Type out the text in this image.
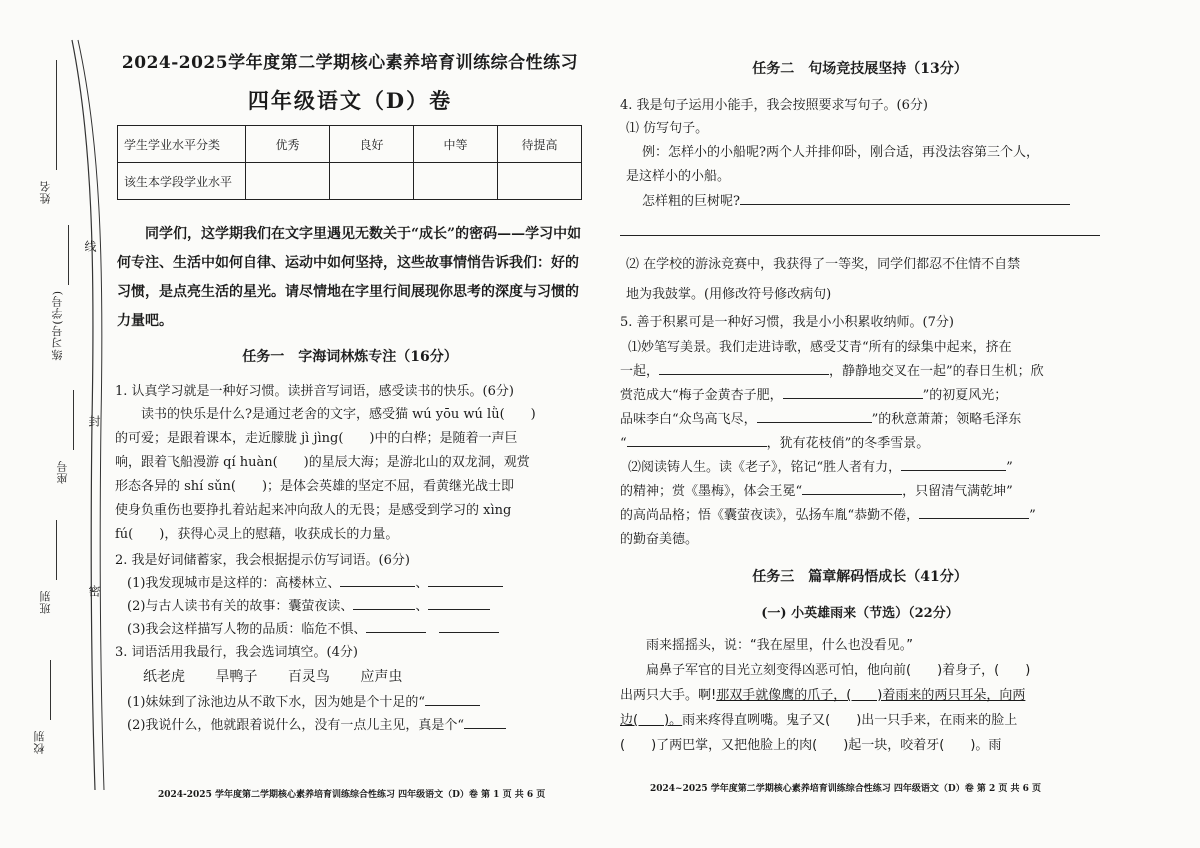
姓名
练习号(学号)
座号
班别
校别
线
封
密
2024-2025学年度第二学期核心素养培育训练综合性练习
四年级语文（D）卷
学生学业水平分类	优秀	良好	中等	待提高
该生本学段学业水平				
同学们，这学期我们在文字里遇见无数关于“成长”的密码——学习中如何专注、生活中如何自律、运动中如何坚持，这些故事情悄告诉我们：好的习惯，是点亮生活的星光。请尽情地在字里行间展现你思考的深度与习惯的力量吧。
任务一　字海词林炼专注（16分）
1. 认真学习就是一种好习惯。读拼音写词语，感受读书的快乐。(6分)
读书的快乐是什么?是通过老舍的文字，感受猫 wú yōu wú lǜ(　　)
的可爱；是跟着课本，走近朦胧 jì jìng(　　)中的白桦；是随着一声巨
响，跟着飞船漫游 qí huàn(　　)的星辰大海；是游北山的双龙洞，观赏
形态各异的 shí sǔn(　　)；是体会英雄的坚定不屈，看黄继光战士即
使身负重伤也要挣扎着站起来冲向敌人的无畏；是感受到学习的 xìng
fú(　　)，获得心灵上的慰藉，收获成长的力量。
2. 我是好词储蓄家，我会根据提示仿写词语。(6分)
(1)我发现城市是这样的：高楼林立、	、
(2)与古人读书有关的故事：囊萤夜读、	、
(3)我会这样描写人物的品质：临危不惧、　
3. 词语活用我最行，我会选词填空。(4分)
纸老虎 旱鸭子 百灵鸟 应声虫
(1)妹妹到了泳池边从不敢下水，因为她是个十足的“
(2)我说什么，他就跟着说什么，没有一点儿主见，真是个“
2024-2025 学年度第二学期核心素养培育训练综合性练习 四年级语文（D）卷 第 1 页 共 6 页
任务二　句场竞技展坚持（13分）
4. 我是句子运用小能手，我会按照要求写句子。(6分)
⑴ 仿写句子。
例：怎样小的小船呢?两个人并排仰卧，刚合适，再没法容第三个人，
是这样小的小船。
怎样粗的巨树呢?
⑵ 在学校的游泳竞赛中，我获得了一等奖，同学们都忍不住情不自禁
地为我鼓掌。(用修改符号修改病句)
5. 善于积累可是一种好习惯，我是小小积累收纳师。(7分)
⑴妙笔写美景。我们走进诗歌，感受艾青“所有的绿集中起来，挤在
一起，	，静静地交叉在一起”的春日生机；欣
赏范成大“梅子金黄杏子肥，	”的初夏风光；
品味李白“众鸟高飞尽，	”的秋意萧萧；领略毛泽东
“	，犹有花枝俏”的冬季雪景。
⑵阅读铸人生。读《老子》，铭记“胜人者有力，	”
的精神；赏《墨梅》，体会王冕“	，只留清气满乾坤”
的高尚品格；悟《囊萤夜读》，弘扬车胤“恭勤不倦，	”
的勤奋美德。
任务三　篇章解码悟成长（41分）
(一) 小英雄雨来（节选）（22分）
雨来摇摇头，说：“我在屋里，什么也没看见。”
扁鼻子军官的目光立刻变得凶恶可怕，他向前(　　)着身子，(　　)
出两只大手。啊!那双手就像鹰的爪子，(　　)着雨来的两只耳朵，向两
边(　　)。雨来疼得直咧嘴。鬼子又(　　)出一只手来，在雨来的脸上
(　　)了两巴掌，又把他脸上的肉(　　)起一块，咬着牙(　　)。雨
2024~2025 学年度第二学期核心素养培育训练综合性练习 四年级语文（D）卷 第 2 页 共 6 页
